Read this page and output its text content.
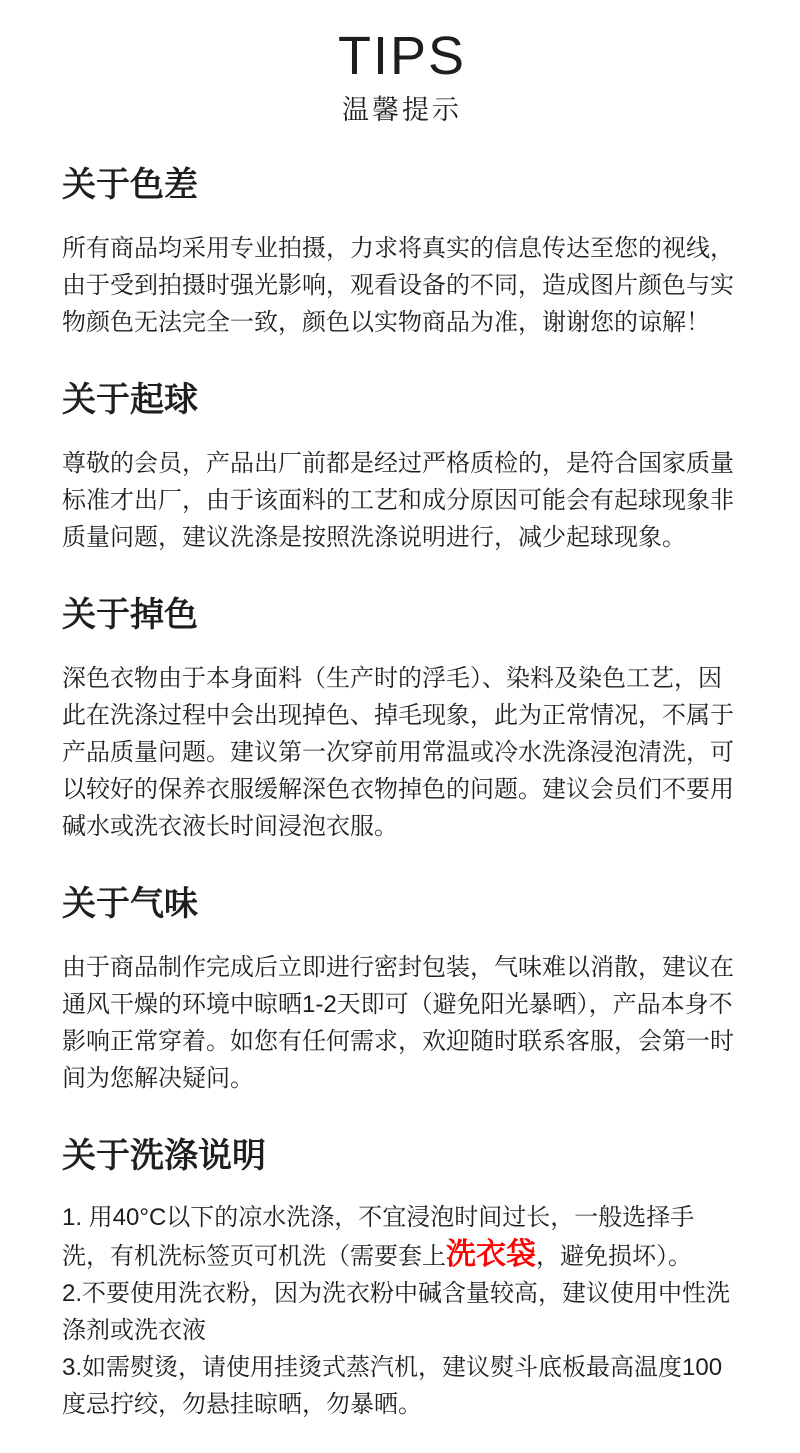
TIPS
温馨提示
关于色差
所有商品均采用专业拍摄，力求将真实的信息传达至您的视线，由于受到拍摄时强光影响，观看设备的不同，造成图片颜色与实物颜色无法完全一致，颜色以实物商品为准，谢谢您的谅解！
关于起球
尊敬的会员，产品出厂前都是经过严格质检的，是符合国家质量标准才出厂，由于该面料的工艺和成分原因可能会有起球现象非质量问题，建议洗涤是按照洗涤说明进行，减少起球现象。
关于掉色
深色衣物由于本身面料（生产时的浮毛）、染料及染色工艺，因此在洗涤过程中会出现掉色、掉毛现象，此为正常情况，不属于产品质量问题。建议第一次穿前用常温或冷水洗涤浸泡清洗，可以较好的保养衣服缓解深色衣物掉色的问题。建议会员们不要用碱水或洗衣液长时间浸泡衣服。
关于气味
由于商品制作完成后立即进行密封包装，气味难以消散，建议在通风干燥的环境中晾晒1-2天即可（避免阳光暴晒），产品本身不影响正常穿着。如您有任何需求，欢迎随时联系客服，会第一时间为您解决疑问。
关于洗涤说明
1. 用40°C以下的凉水洗涤，不宜浸泡时间过长，一般选择手洗，有机洗标签页可机洗（需要套上洗衣袋，避免损坏）。
2.不要使用洗衣粉，因为洗衣粉中碱含量较高，建议使用中性洗涤剂或洗衣液
3.如需熨烫，请使用挂烫式蒸汽机，建议熨斗底板最高温度100度忌拧绞，勿悬挂晾晒，勿暴晒。
